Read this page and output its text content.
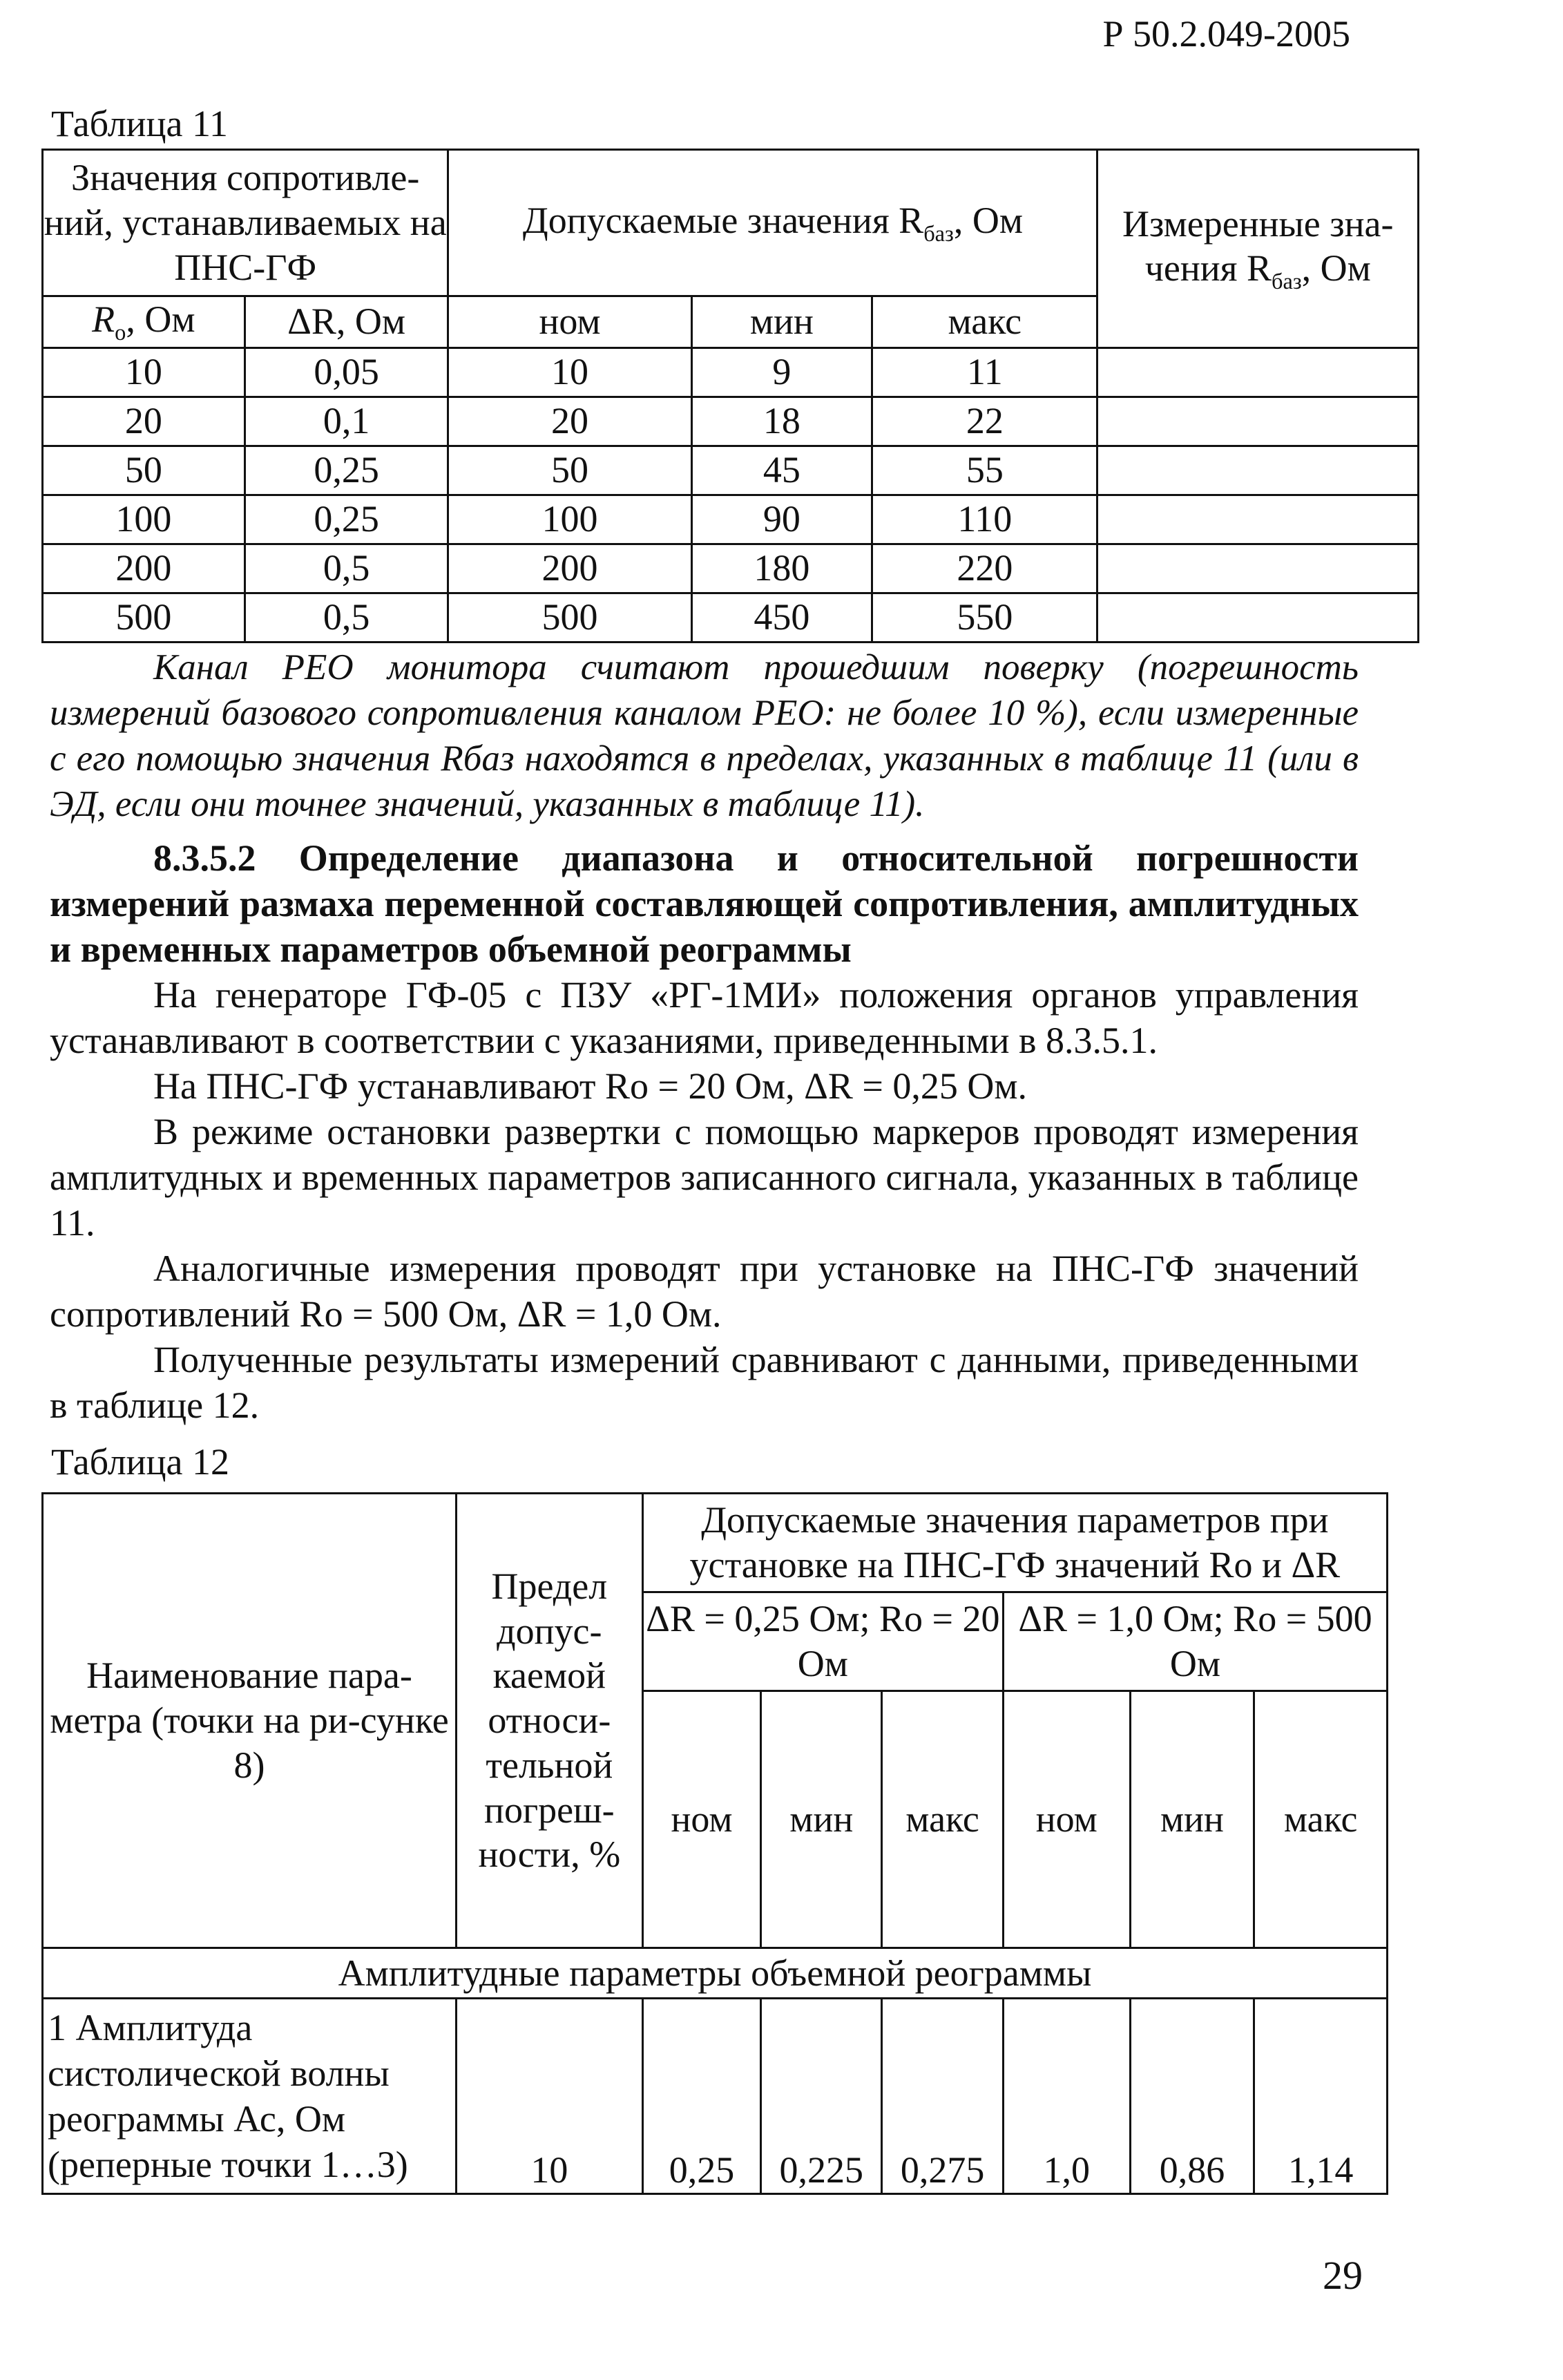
Р 50.2.049-2005
Таблица 11
Значения сопротивле-ний, устанавливаемых на ПНС-ГФ		Допускаемые значения $R_{баз}$, Ом			Измеренные зна-чения $R_{баз}$, Ом
$R_о$, Ом	ΔR, Ом	ном	мин	макс	
10	0,05	10	9	11	
20	0,1	20	18	22	
50	0,25	50	45	55	
100	0,25	100	90	110	
200	0,5	200	180	220	
500	0,5	500	450	550	
Канал РЕО монитора считают прошедшим поверку (погрешность измерений базового сопротивления каналом РЕО: не более 10 %), если измеренные с его помощью значения Rбаз находятся в пределах, указанных в таблице 11 (или в ЭД, если они точнее значений, указанных в таблице 11).
8.3.5.2 Определение диапазона и относительной погрешности измерений размаха переменной составляющей сопротивления, амплитудных и временных параметров объемной реограммы
На генераторе ГФ-05 с ПЗУ «РГ-1МИ» положения органов управления устанавливают в соответствии с указаниями, приведенными в 8.3.5.1.
На ПНС-ГФ устанавливают Rо = 20 Ом, ΔR = 0,25 Ом.
В режиме остановки развертки с помощью маркеров проводят измерения амплитудных и временных параметров записанного сигнала, указанных в таблице 11.
Аналогичные измерения проводят при установке на ПНС-ГФ значений сопротивлений Rо = 500 Ом, ΔR = 1,0 Ом.
Полученные результаты измерений сравнивают с данными, приведенными в таблице 12.
Таблица 12
Наименование пара-метра (точки на ри-сунке 8)	Предел допус-каемой относи-тельной погреш-ности, %	Допускаемые значения параметров при установке на ПНС-ГФ значений Rо и ΔR					
		ΔR = 0,25 Ом; Rо = 20 Ом			ΔR = 1,0 Ом; Rо = 500 Ом		
		ном	мин	макс	ном	мин	макс
Амплитудные параметры объемной реограммы							
1 Амплитуда систолической волны реограммы Ас, Ом (реперные точки 1…3)	10	0,25	0,225	0,275	1,0	0,86	1,14
29
